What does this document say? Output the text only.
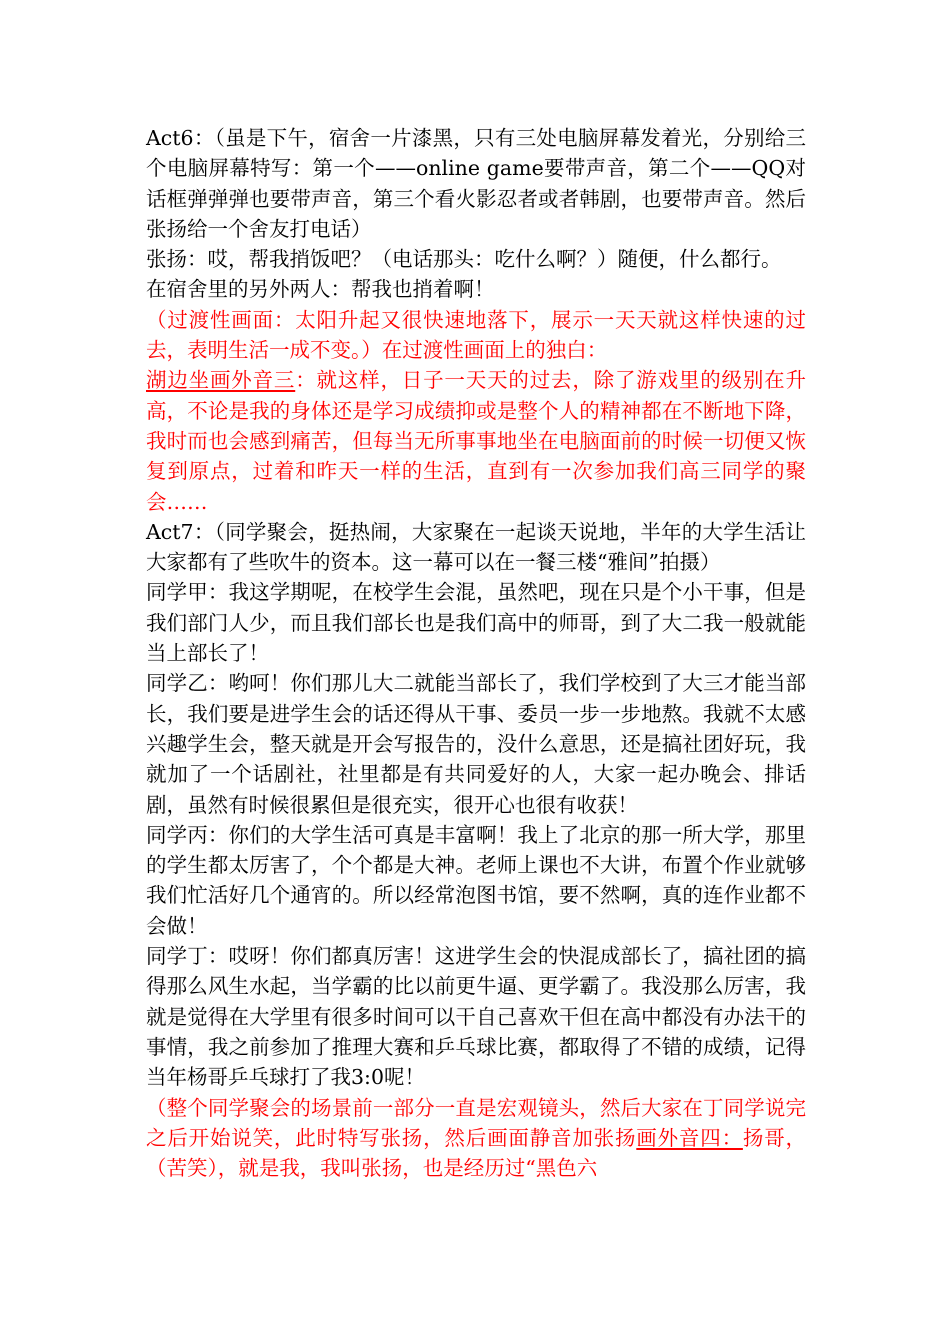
Act6：（虽是下午，宿舍一片漆黑，只有三处电脑屏幕发着光，分别给三个电脑屏幕特写：第一个——online game要带声音，第二个——QQ对话框弹弹弹也要带声音，第三个看火影忍者或者韩剧，也要带声音。然后张扬给一个舍友打电话）

张扬：哎，帮我捎饭吧？（电话那头：吃什么啊？）随便，什么都行。

在宿舍里的另外两人：帮我也捎着啊！

（过渡性画面：太阳升起又很快速地落下，展示一天天就这样快速的过去，表明生活一成不变。）在过渡性画面上的独白：

湖边坐画外音三：就这样，日子一天天的过去，除了游戏里的级别在升高，不论是我的身体还是学习成绩抑或是整个人的精神都在不断地下降，我时而也会感到痛苦，但每当无所事事地坐在电脑面前的时候一切便又恢复到原点，过着和昨天一样的生活，直到有一次参加我们高三同学的聚会……

Act7：（同学聚会，挺热闹，大家聚在一起谈天说地，半年的大学生活让大家都有了些吹牛的资本。这一幕可以在一餐三楼“雅间”拍摄）

同学甲：我这学期呢，在校学生会混，虽然吧，现在只是个小干事，但是我们部门人少，而且我们部长也是我们高中的师哥，到了大二我一般就能当上部长了！

同学乙：哟呵！你们那儿大二就能当部长了，我们学校到了大三才能当部长，我们要是进学生会的话还得从干事、委员一步一步地熬。我就不太感兴趣学生会，整天就是开会写报告的，没什么意思，还是搞社团好玩，我就加了一个话剧社，社里都是有共同爱好的人，大家一起办晚会、排话剧，虽然有时候很累但是很充实，很开心也很有收获！

同学丙：你们的大学生活可真是丰富啊！我上了北京的那一所大学，那里的学生都太厉害了，个个都是大神。老师上课也不大讲，布置个作业就够我们忙活好几个通宵的。所以经常泡图书馆，要不然啊，真的连作业都不会做！

同学丁：哎呀！你们都真厉害！这进学生会的快混成部长了，搞社团的搞得那么风生水起，当学霸的比以前更牛逼、更学霸了。我没那么厉害，我就是觉得在大学里有很多时间可以干自己喜欢干但在高中都没有办法干的事情，我之前参加了推理大赛和乒乓球比赛，都取得了不错的成绩，记得当年杨哥乒乓球打了我3:0呢！

（整个同学聚会的场景前一部分一直是宏观镜头，然后大家在丁同学说完之后开始说笑，此时特写张扬，然后画面静音加张扬画外音四：扬哥，（苦笑），就是我，我叫张扬，也是经历过“黑色六
